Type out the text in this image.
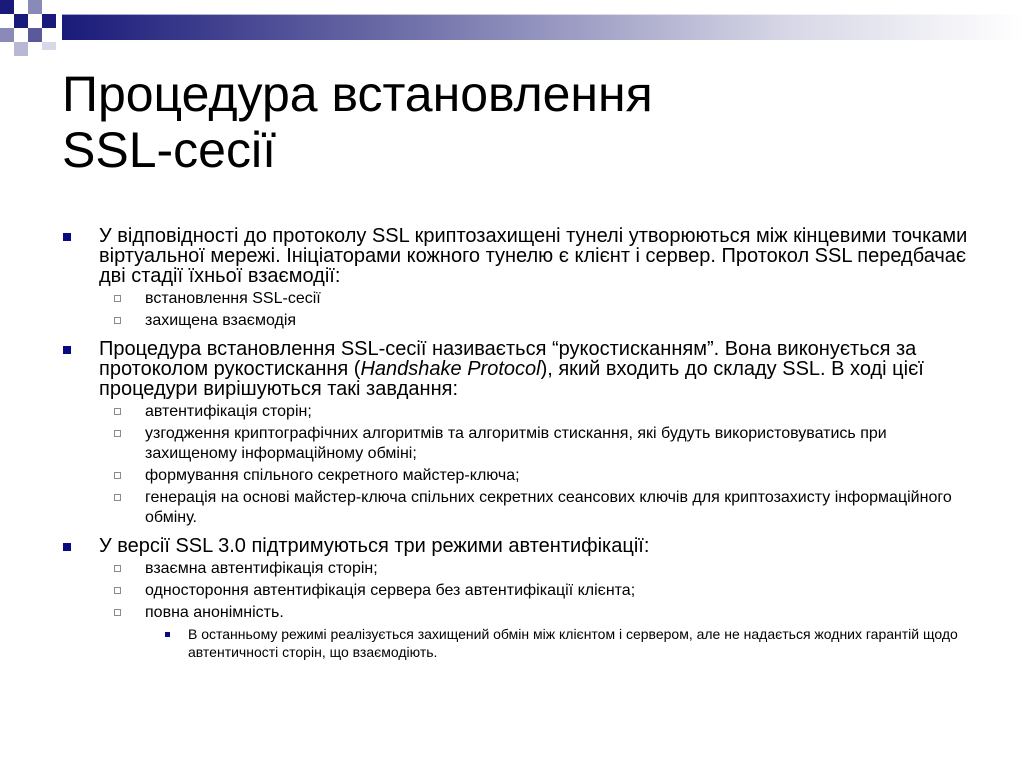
Процедура встановлення
SSL-сесії
У відповідності до протоколу SSL криптозахищені тунелі утворюються між кінцевими точками віртуальної мережі. Ініціаторами кожного тунелю є клієнт і сервер. Протокол SSL передбачає дві стадії їхньої взаємодії:
встановлення SSL-сесії
захищена взаємодія
Процедура встановлення SSL-сесії називається “рукостисканням”. Вона виконується за протоколом рукостискання (Handshake Protocol), який входить до складу SSL. В ході цієї процедури вирішуються такі завдання:
автентифікація сторін;
узгодження криптографічних алгоритмів та алгоритмів стискання, які будуть використовуватись при захищеному інформаційному обміні;
формування спільного секретного майстер-ключа;
генерація на основі майстер-ключа спільних секретних сеансових ключів для криптозахисту інформаційного обміну.
У версії SSL 3.0 підтримуються три режими автентифікації:
взаємна автентифікація сторін;
одностороння автентифікація сервера без автентифікації клієнта;
повна анонімність.
В останньому режимі реалізується захищений обмін між клієнтом і сервером, але не надається жодних гарантій щодо автентичності сторін, що взаємодіють.
